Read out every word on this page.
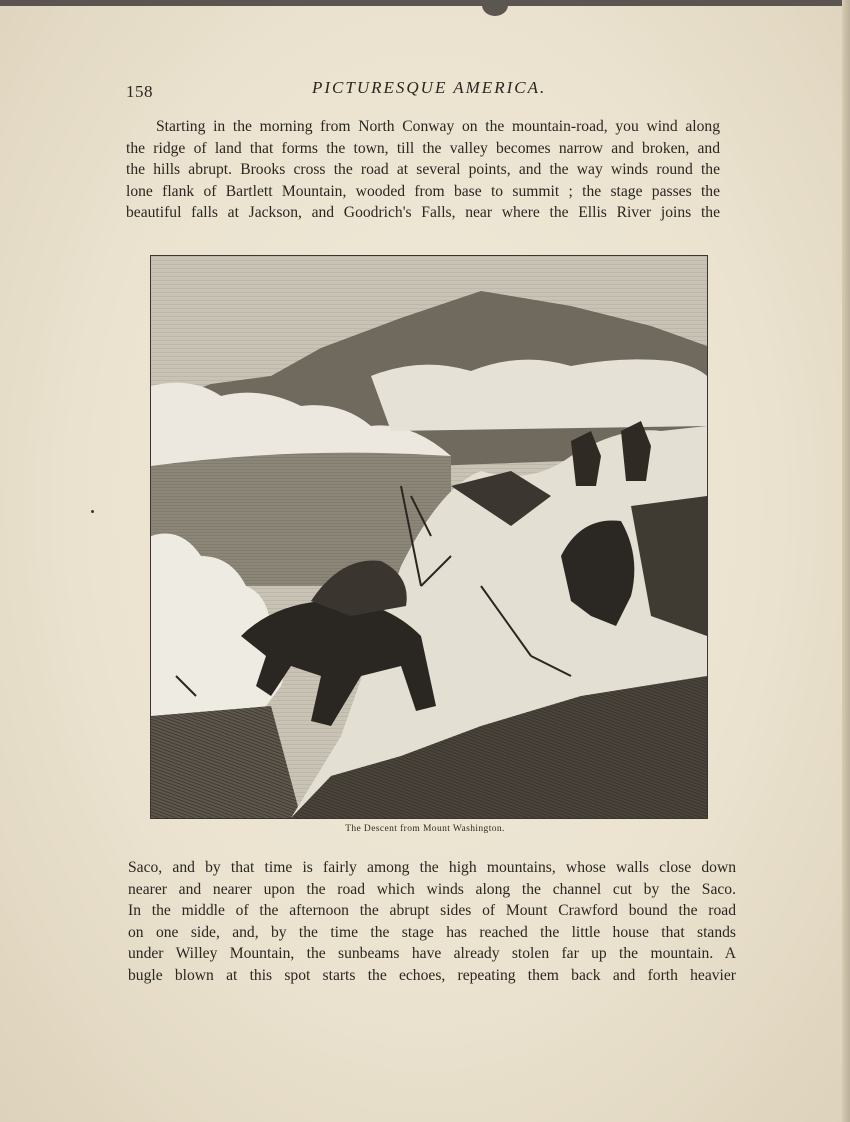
158	PICTURESQUE AMERICA.
Starting in the morning from North Conway on the mountain-road, you wind along
the ridge of land that forms the town, till the valley becomes narrow and broken, and
the hills abrupt. Brooks cross the road at several points, and the way winds round the
lone flank of Bartlett Mountain, wooded from base to summit ; the stage passes the
beautiful falls at Jackson, and Goodrich's Falls, near where the Ellis River joins the
The Descent from Mount Washington.
Saco, and by that time is fairly among the high mountains, whose walls close down
nearer and nearer upon the road which winds along the channel cut by the Saco.
In the middle of the afternoon the abrupt sides of Mount Crawford bound the road
on one side, and, by the time the stage has reached the little house that stands
under Willey Mountain, the sunbeams have already stolen far up the mountain. A
bugle blown at this spot starts the echoes, repeating them back and forth heavier
